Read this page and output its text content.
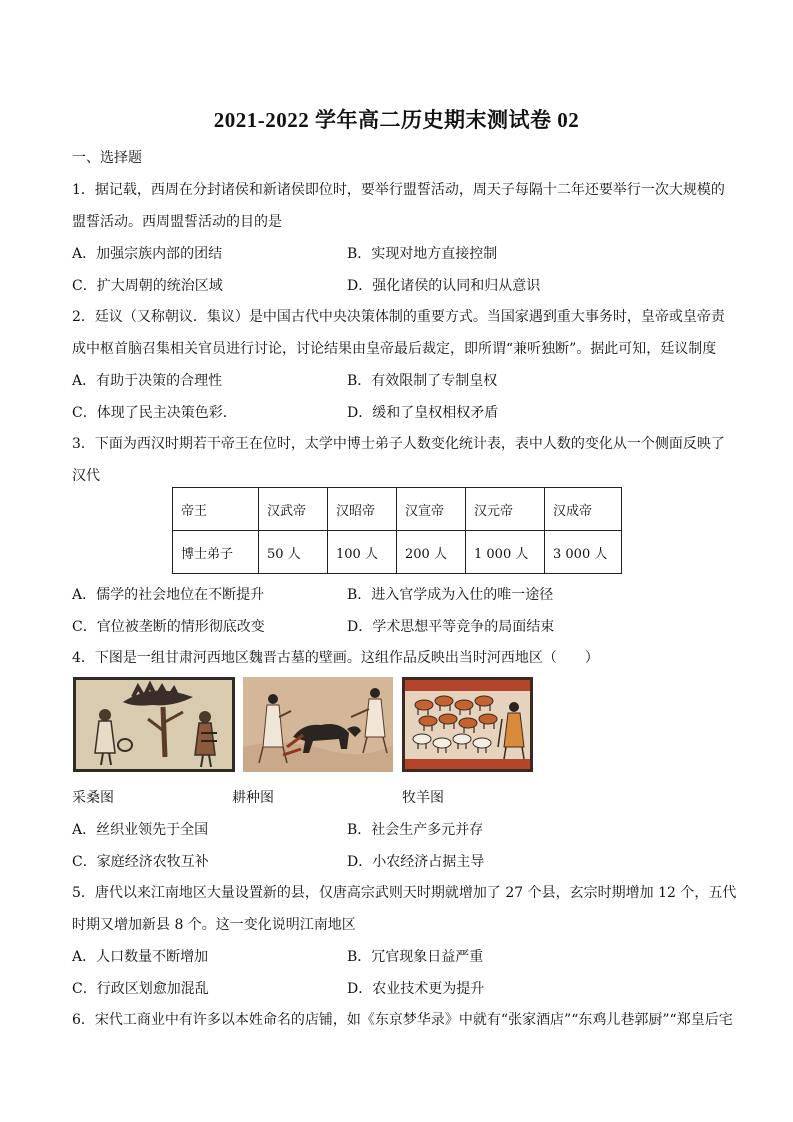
2021-2022 学年高二历史期末测试卷 02
一、选择题
1．据记载，西周在分封诸侯和新诸侯即位时，要举行盟誓活动，周天子每隔十二年还要举行一次大规模的
盟誓活动。西周盟誓活动的目的是
A．加强宗族内部的团结	B．实现对地方直接控制
C．扩大周朝的统治区域	D．强化诸侯的认同和归从意识
2．廷议（又称朝议．集议）是中国古代中央决策体制的重要方式。当国家遇到重大事务时，皇帝或皇帝责
成中枢首脑召集相关官员进行讨论，讨论结果由皇帝最后裁定，即所谓“兼听独断”。据此可知，廷议制度
A．有助于决策的合理性	B．有效限制了专制皇权
C．体现了民主决策色彩．	D．缓和了皇权相权矛盾
3．下面为西汉时期若干帝王在位时，太学中博士弟子人数变化统计表，表中人数的变化从一个侧面反映了
汉代
帝王	汉武帝	汉昭帝	汉宣帝	汉元帝	汉成帝
博士弟子	50 人	100 人	200 人	1 000 人	3 000 人
A．儒学的社会地位在不断提升	B．进入官学成为入仕的唯一途径
C．官位被垄断的情形彻底改变	D．学术思想平等竞争的局面结束
4．下图是一组甘肃河西地区魏晋古墓的壁画。这组作品反映出当时河西地区（　　）
采桑图	耕种图	牧羊图
A．丝织业领先于全国	B．社会生产多元并存
C．家庭经济农牧互补	D．小农经济占据主导
5．唐代以来江南地区大量设置新的县，仅唐高宗武则天时期就增加了 27 个县，玄宗时期增加 12 个，五代
时期又增加新县 8 个。这一变化说明江南地区
A．人口数量不断增加	B．冗官现象日益严重
C．行政区划愈加混乱	D．农业技术更为提升
6．宋代工商业中有许多以本姓命名的店铺，如《东京梦华录》中就有“张家酒店”“东鸡儿巷郭厨”“郑皇后宅
